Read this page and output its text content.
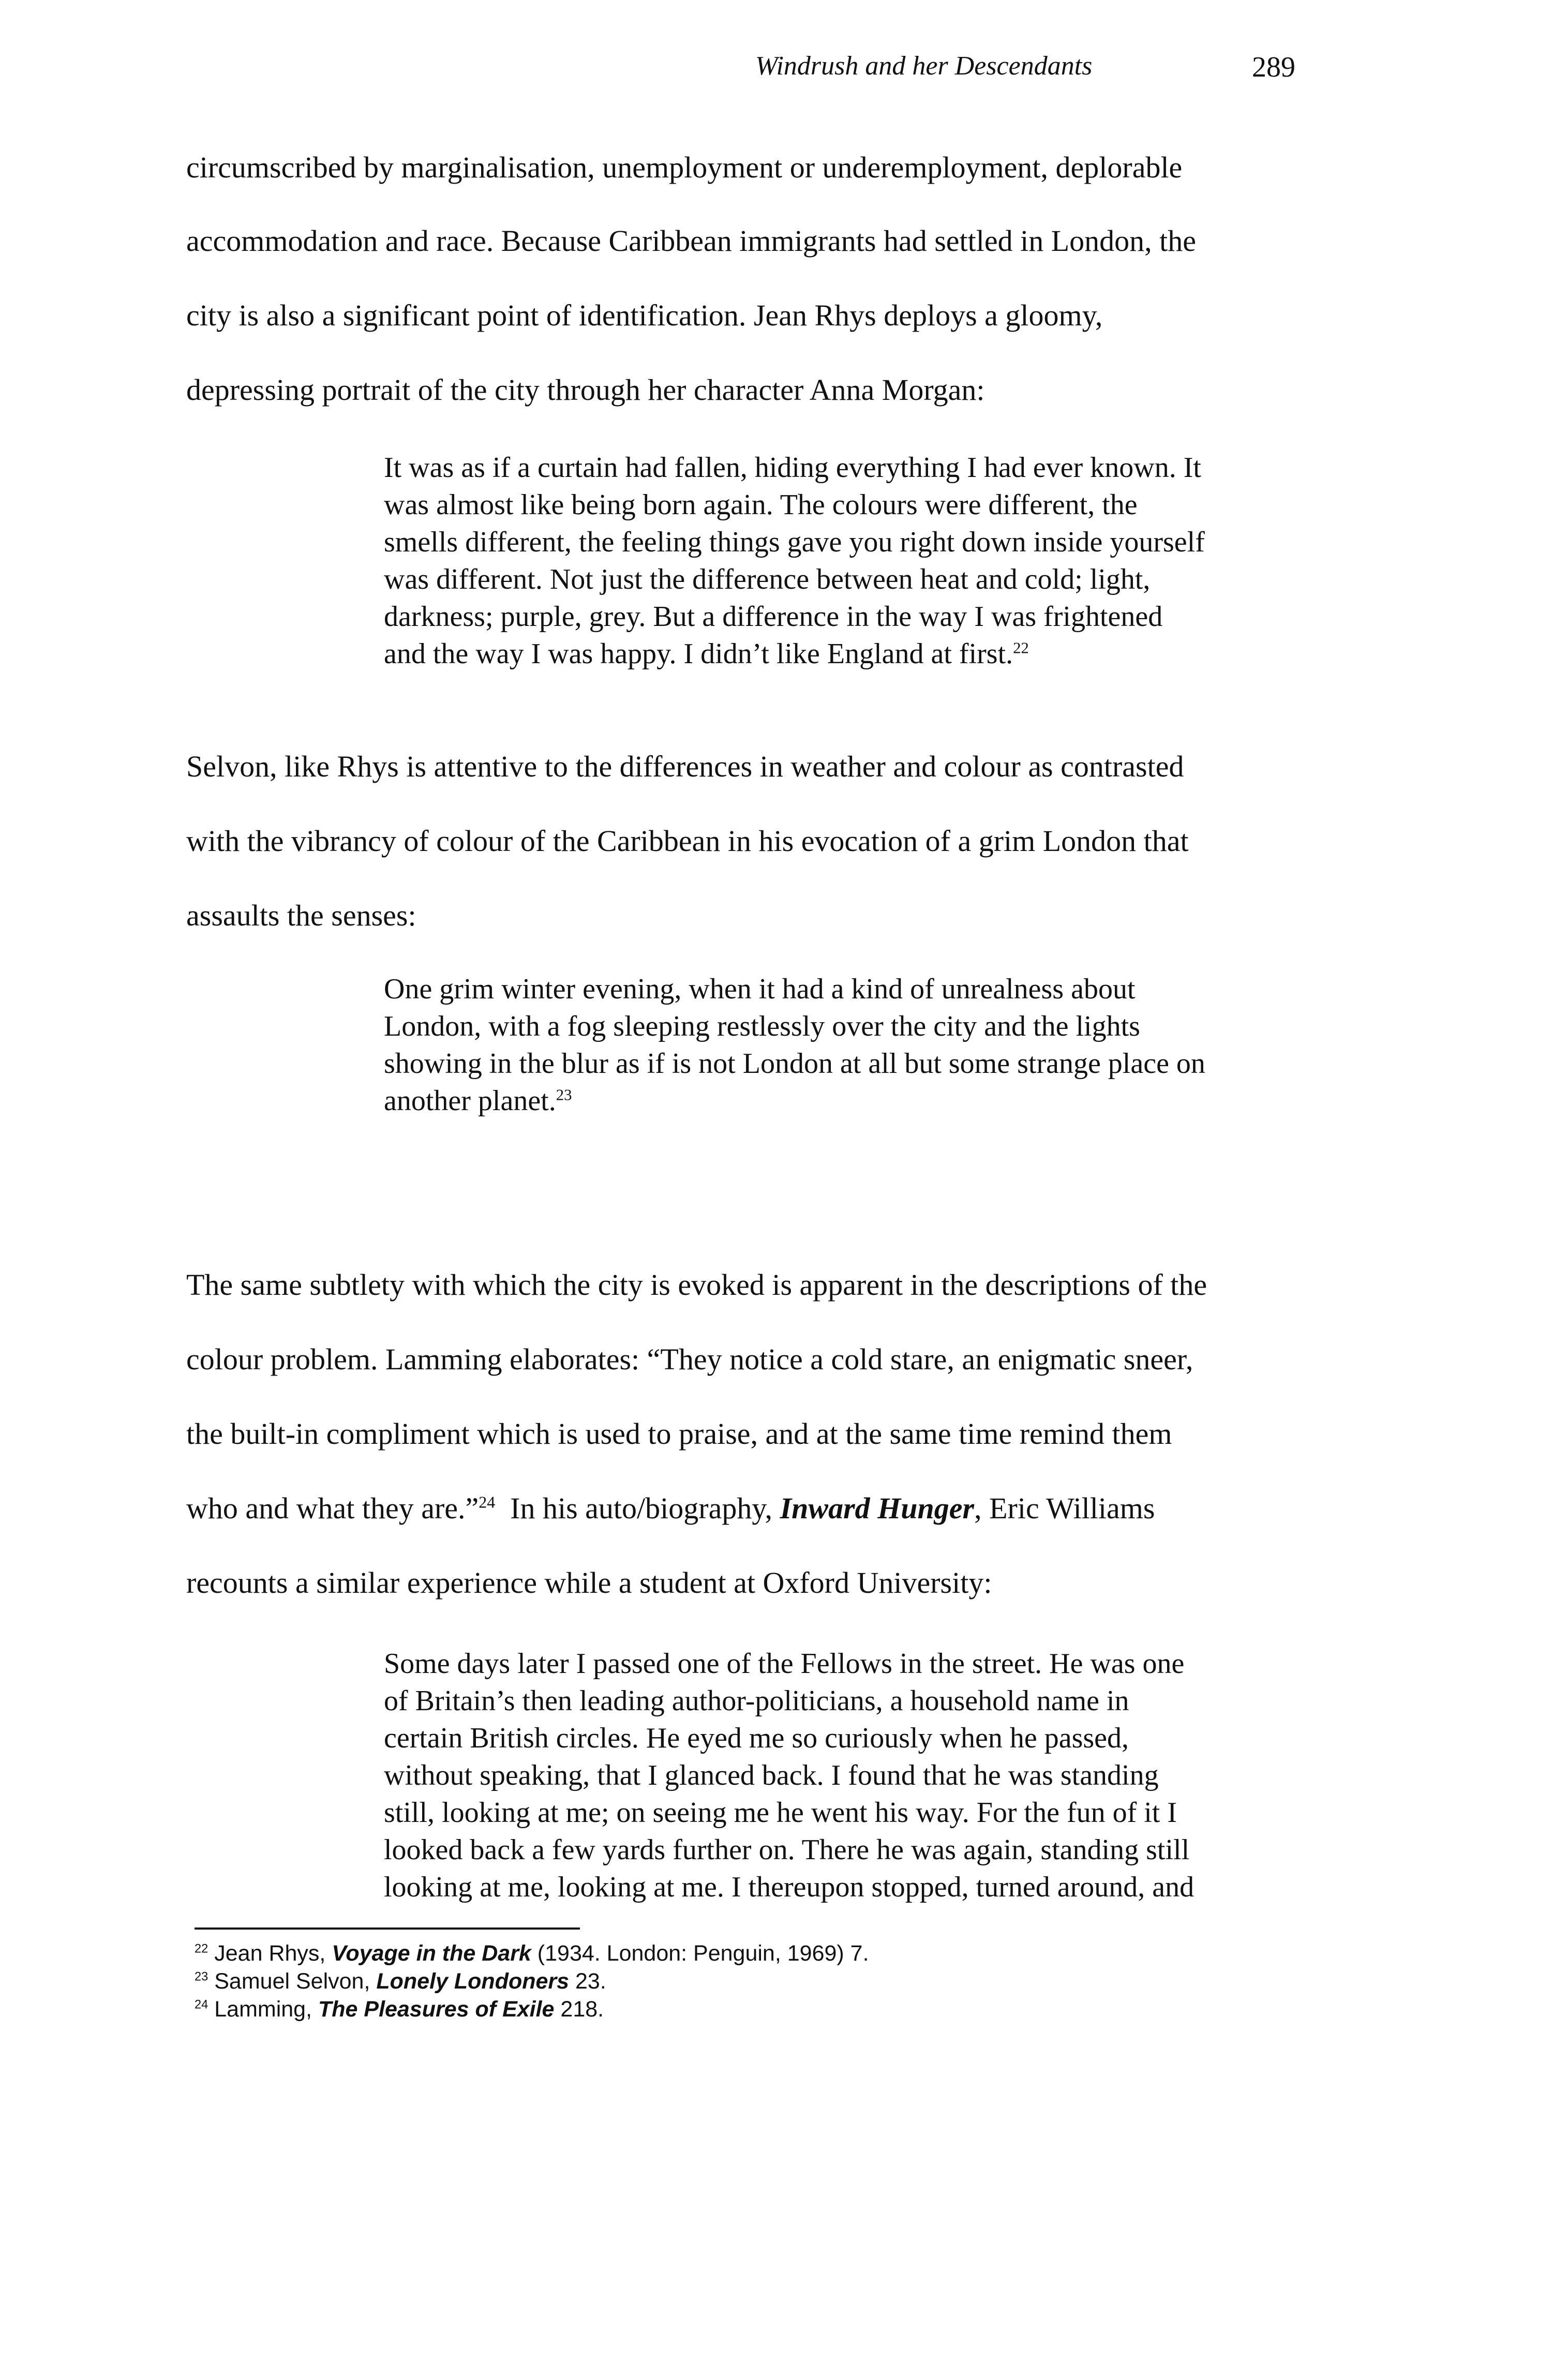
Windrush and her Descendants	289
circumscribed by marginalisation, unemployment or underemployment, deplorable
accommodation and race. Because Caribbean immigrants had settled in London, the
city is also a significant point of identification. Jean Rhys deploys a gloomy,
depressing portrait of the city through her character Anna Morgan:
It was as if a curtain had fallen, hiding everything I had ever known. It
was almost like being born again. The colours were different, the
smells different, the feeling things gave you right down inside yourself
was different. Not just the difference between heat and cold; light,
darkness; purple, grey. But a difference in the way I was frightened
and the way I was happy. I didn’t like England at first.$^{22}$
Selvon, like Rhys is attentive to the differences in weather and colour as contrasted
with the vibrancy of colour of the Caribbean in his evocation of a grim London that
assaults the senses:
One grim winter evening, when it had a kind of unrealness about
London, with a fog sleeping restlessly over the city and the lights
showing in the blur as if is not London at all but some strange place on
another planet.$^{23}$
The same subtlety with which the city is evoked is apparent in the descriptions of the
colour problem. Lamming elaborates: “They notice a cold stare, an enigmatic sneer,
the built-in compliment which is used to praise, and at the same time remind them
who and what they are.”$^{24}$  In his auto/biography, Inward Hunger, Eric Williams
recounts a similar experience while a student at Oxford University:
Some days later I passed one of the Fellows in the street. He was one
of Britain’s then leading author-politicians, a household name in
certain British circles. He eyed me so curiously when he passed,
without speaking, that I glanced back. I found that he was standing
still, looking at me; on seeing me he went his way. For the fun of it I
looked back a few yards further on. There he was again, standing still
looking at me, looking at me. I thereupon stopped, turned around, and
$^{22}$ Jean Rhys, Voyage in the Dark (1934. London: Penguin, 1969) 7.
$^{23}$ Samuel Selvon, Lonely Londoners 23.
$^{24}$ Lamming, The Pleasures of Exile 218.
